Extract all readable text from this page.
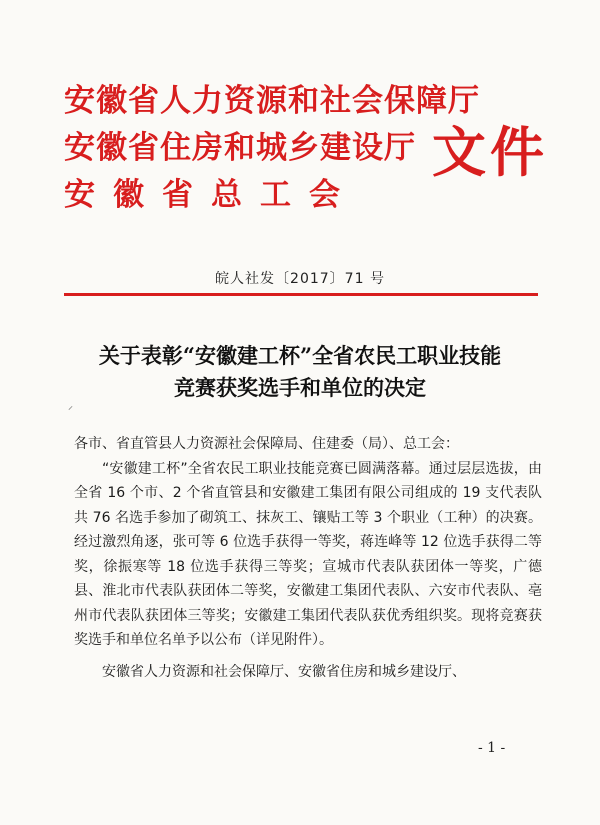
安徽省人力资源和社会保障厅
安徽省住房和城乡建设厅
安徽省总工会
文件
皖人社发〔2017〕71 号
关于表彰“安徽建工杯”全省农民工职业技能
竞赛获奖选手和单位的决定
⸝

各市、省直管县人力资源社会保障局、住建委（局）、总工会：

“安徽建工杯”全省农民工职业技能竞赛已圆满落幕。通过层层选拔，由全省 16 个市、2 个省直管县和安徽建工集团有限公司组成的 19 支代表队共 76 名选手参加了砌筑工、抹灰工、镶贴工等 3 个职业（工种）的决赛。经过激烈角逐，张可等 6 位选手获得一等奖，蒋连峰等 12 位选手获得二等奖，徐振寒等 18 位选手获得三等奖；宣城市代表队获团体一等奖，广德县、淮北市代表队获团体二等奖，安徽建工集团代表队、六安市代表队、亳州市代表队获团体三等奖；安徽建工集团代表队获优秀组织奖。现将竞赛获奖选手和单位名单予以公布（详见附件）。

安徽省人力资源和社会保障厅、安徽省住房和城乡建设厅、

- 1 -
